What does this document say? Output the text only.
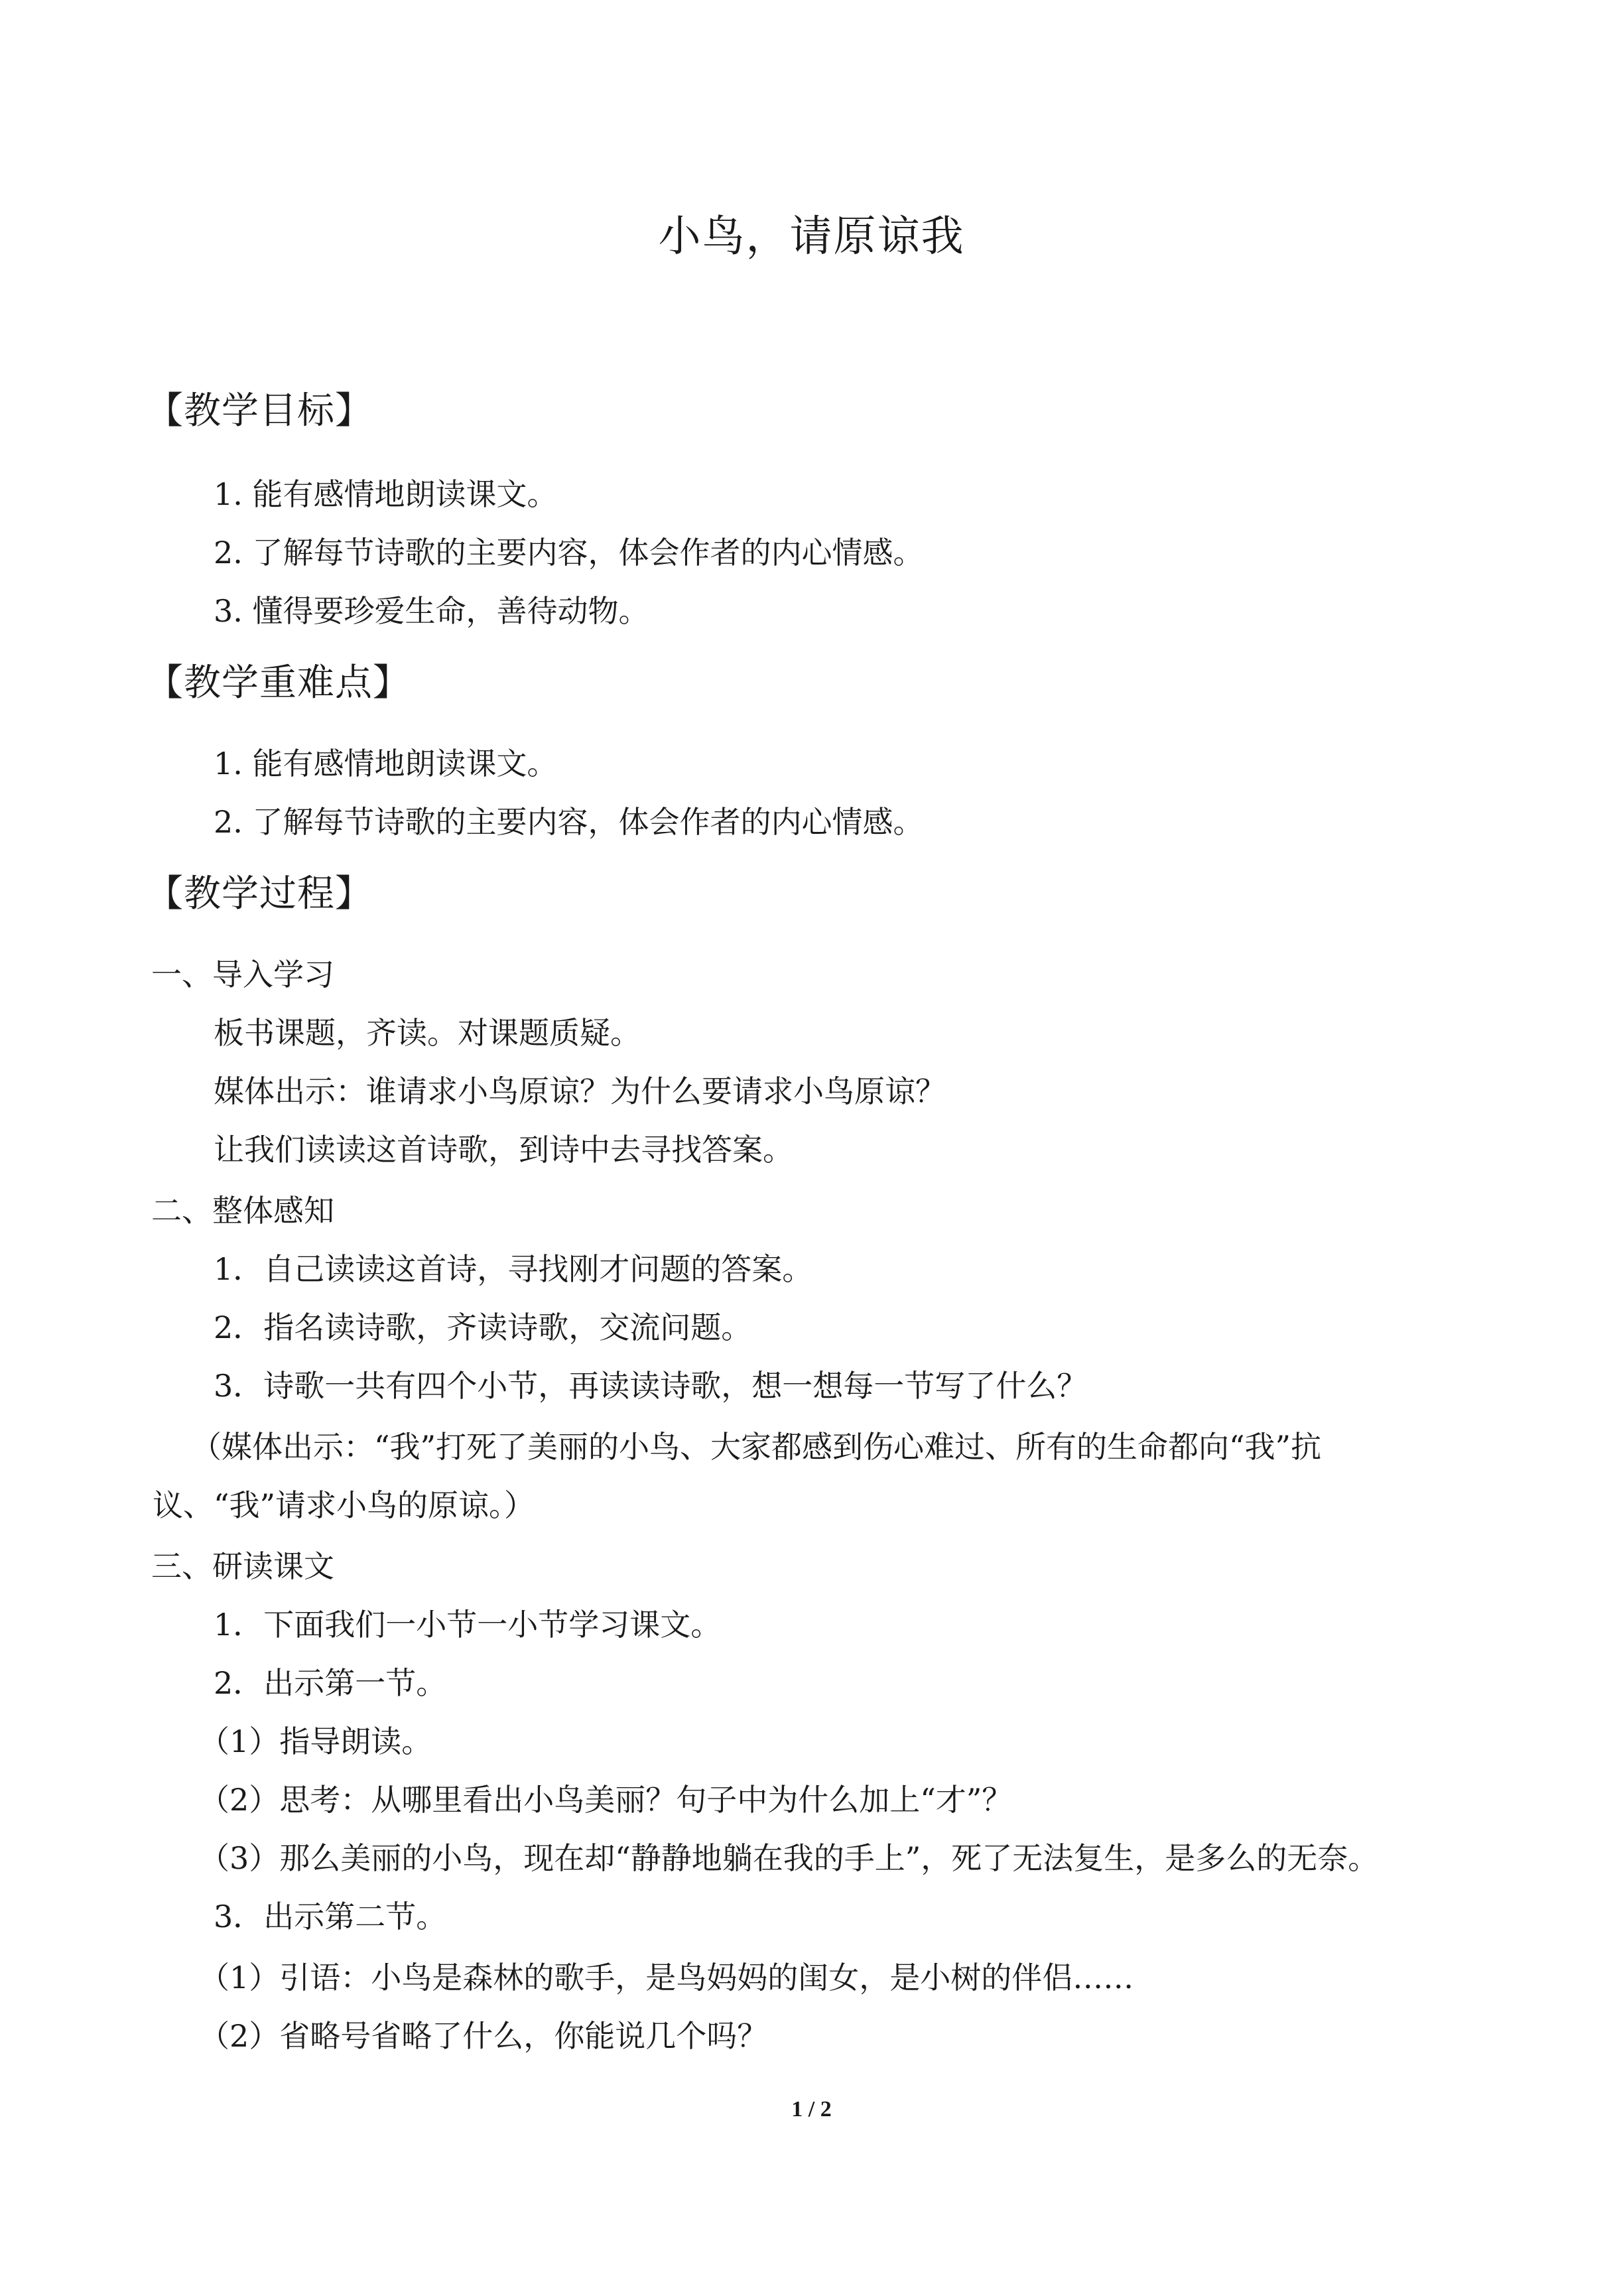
小鸟，请原谅我
【教学目标】
1. 能有感情地朗读课文。
2. 了解每节诗歌的主要内容，体会作者的内心情感。
3. 懂得要珍爱生命，善待动物。
【教学重难点】
1. 能有感情地朗读课文。
2. 了解每节诗歌的主要内容，体会作者的内心情感。
【教学过程】
一、导入学习
板书课题，齐读。对课题质疑。
媒体出示：谁请求小鸟原谅？为什么要请求小鸟原谅？
让我们读读这首诗歌，到诗中去寻找答案。
二、整体感知
1．自己读读这首诗，寻找刚才问题的答案。
2．指名读诗歌，齐读诗歌，交流问题。
3．诗歌一共有四个小节，再读读诗歌，想一想每一节写了什么？
（媒体出示：“我”打死了美丽的小鸟、大家都感到伤心难过、所有的生命都向“我”抗
议、“我”请求小鸟的原谅。）
三、研读课文
1．下面我们一小节一小节学习课文。
2．出示第一节。
（1）指导朗读。
（2）思考：从哪里看出小鸟美丽？句子中为什么加上“才”？
（3）那么美丽的小鸟，现在却“静静地躺在我的手上”，死了无法复生，是多么的无奈。
3．出示第二节。
（1）引语：小鸟是森林的歌手，是鸟妈妈的闺女，是小树的伴侣……
（2）省略号省略了什么，你能说几个吗？
1 / 2
